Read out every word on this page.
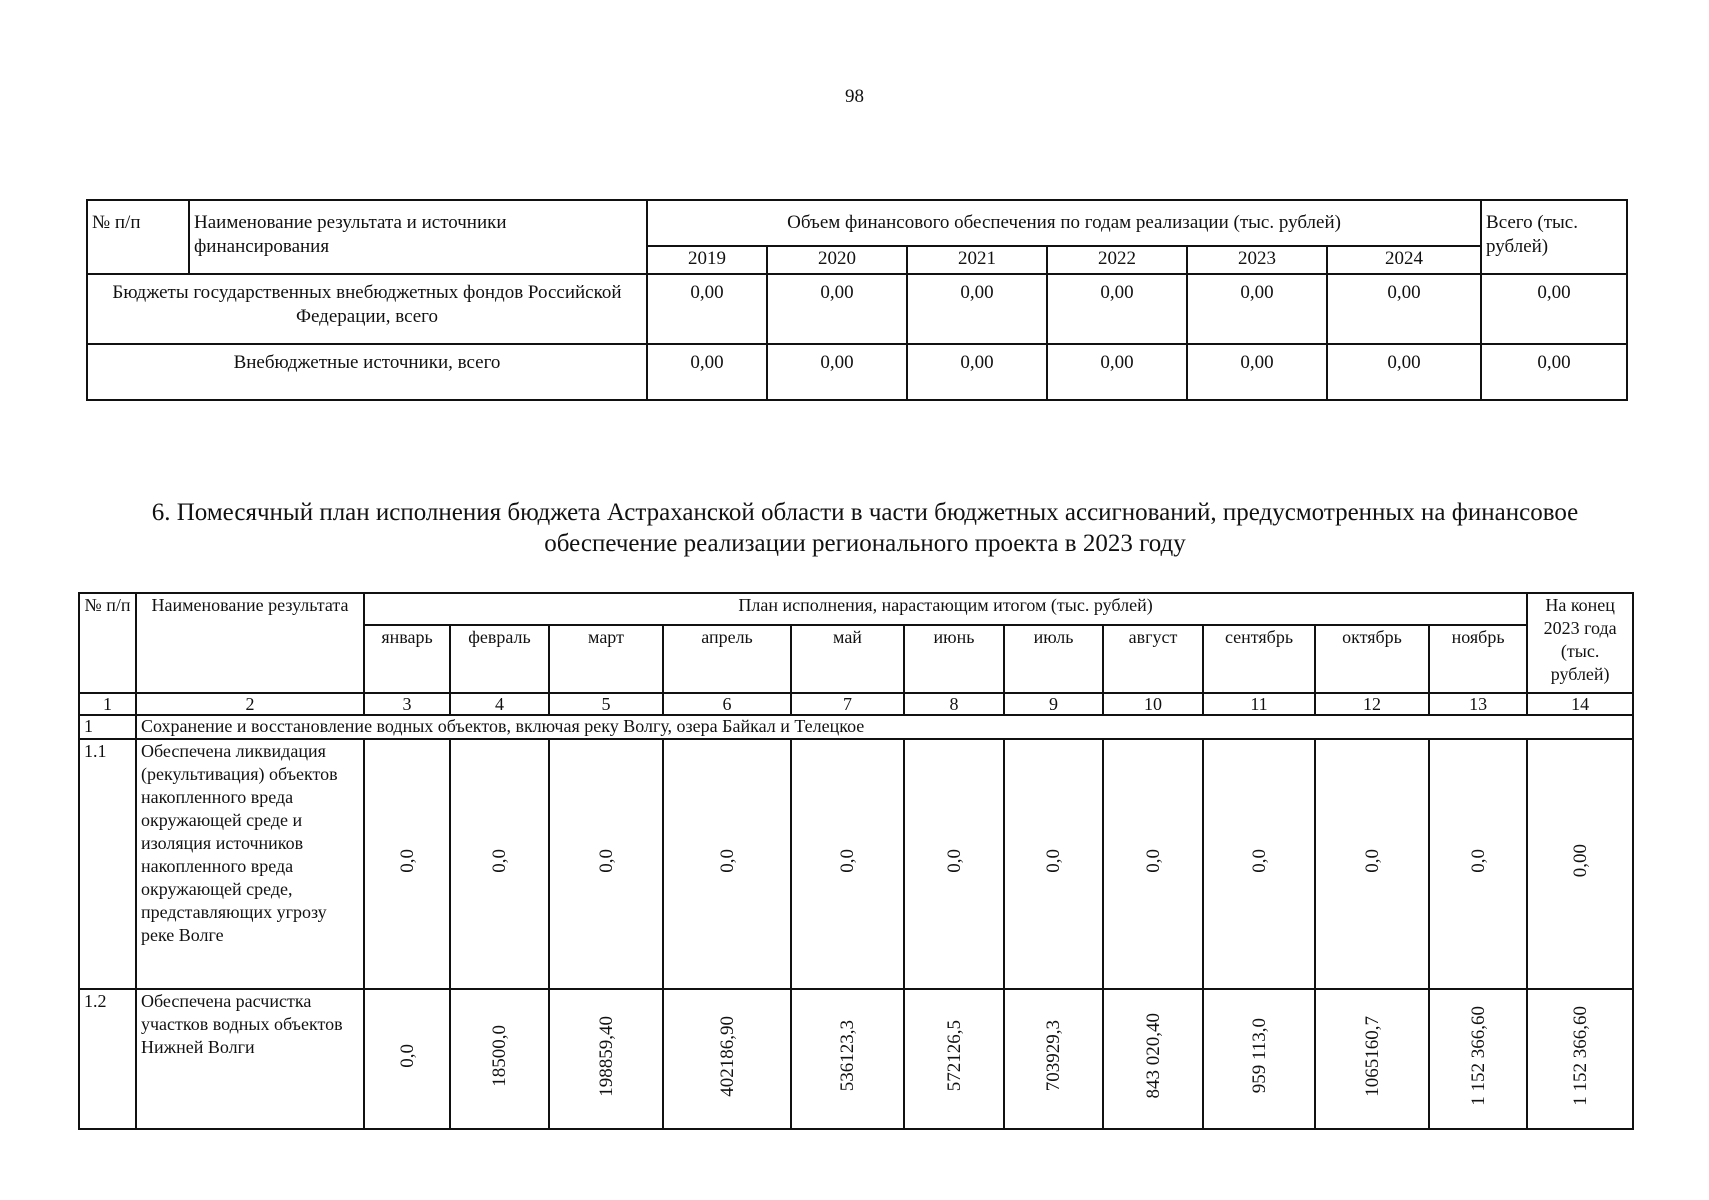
98
№ п/п	Наименование результата и источники финансирования	Объем финансового обеспечения по годам реализации (тыс. рублей)						Всего (тыс. рублей)
		2019	2020	2021	2022	2023	2024	
Бюджеты государственных внебюджетных фондов Российской Федерации, всего		0,00	0,00	0,00	0,00	0,00	0,00	0,00
Внебюджетные источники, всего		0,00	0,00	0,00	0,00	0,00	0,00	0,00
6. Помесячный план исполнения бюджета Астраханской области в части бюджетных ассигнований, предусмотренных на финансовое обеспечение реализации регионального проекта в 2023 году
№ п/п	Наименование результата	План исполнения, нарастающим итогом (тыс. рублей)											На конец 2023 года (тыс. рублей)
		январь	февраль	март	апрель	май	июнь	июль	август	сентябрь	октябрь	ноябрь	
1	2	3	4	5	6	7	8	9	10	11	12	13	14
1	Сохранение и восстановление водных объектов, включая реку Волгу, озера Байкал и Телецкое												
1.1	Обеспечена ликвидация (рекультивация) объектов накопленного вреда окружающей среде и изоляция источников накопленного вреда окружающей среде, представляющих угрозу реке Волге	0,0	0,0	0,0	0,0	0,0	0,0	0,0	0,0	0,0	0,0	0,0	0,00
1.2	Обеспечена расчистка участков водных объектов Нижней Волги	0,0	18500,0	198859,40	402186,90	536123,3	572126,5	703929,3	843 020,40	959 113,0	1065160,7	1 152 366,60	1 152 366,60
